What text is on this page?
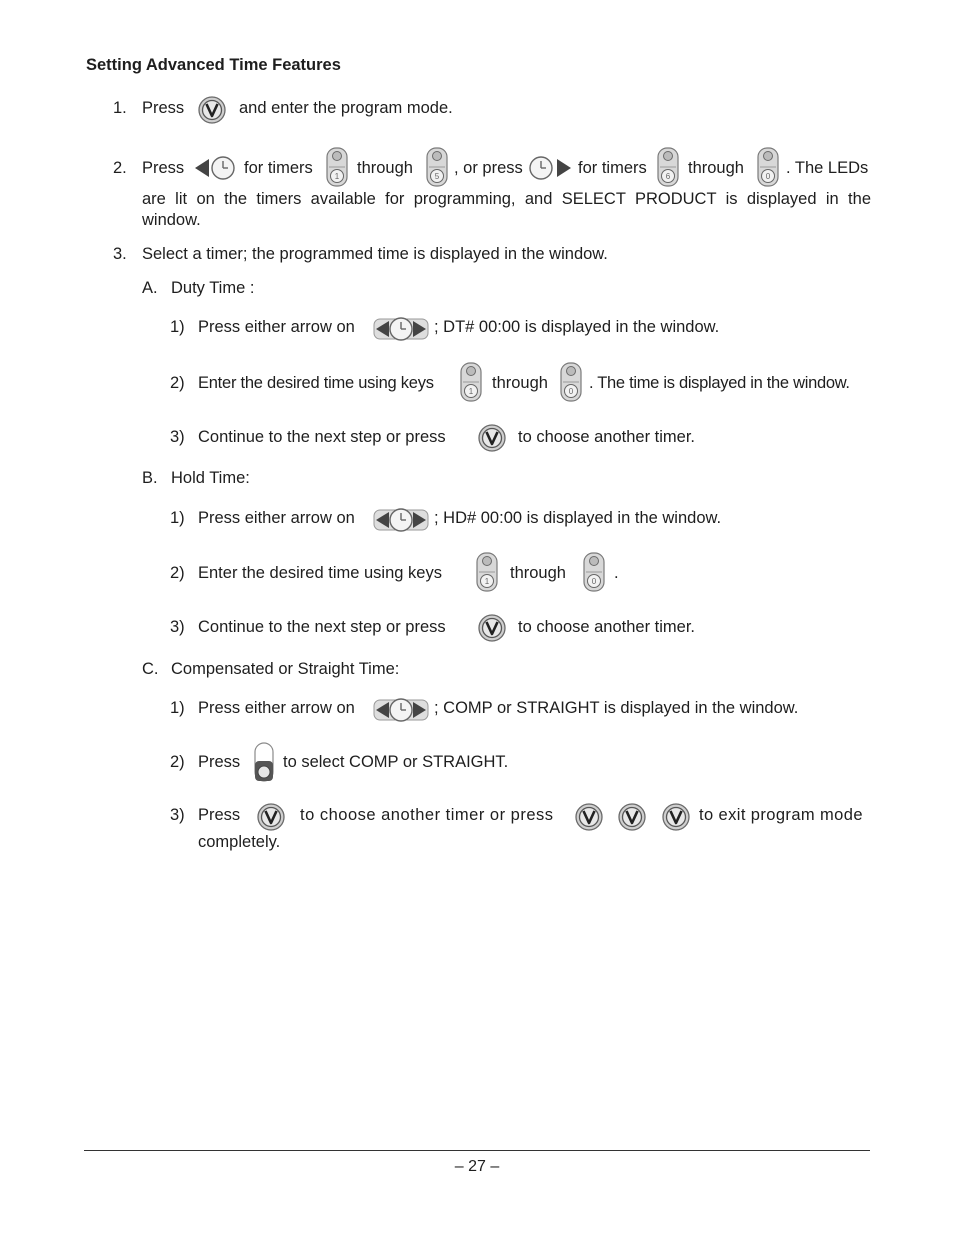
Setting Advanced Time Features
1. Press	and enter the program mode.
2. Press	for timers	1 through	5 , or press	for timers 6 through	0 . The LEDs
are lit on the timers available for programming, and SELECT PRODUCT is displayed in the
window.
3. Select a timer; the programmed time is displayed in the window.
A. Duty Time :
1) Press either arrow on	; DT# 00:00 is displayed in the window.
2) Enter the desired time using keys	1 through	0 . The time is displayed in the window.
3) Continue to the next step or press	to choose another timer.
B. Hold Time:
1) Press either arrow on	; HD# 00:00 is displayed in the window.
2) Enter the desired time using keys	1 through	0 .
3) Continue to the next step or press	to choose another timer.
C. Compensated or Straight Time:
1) Press either arrow on	; COMP or STRAIGHT is displayed in the window.
2) Press	to select COMP or STRAIGHT.
3) Press	to choose another timer or press	to exit program mode
completely.
– 27 –
